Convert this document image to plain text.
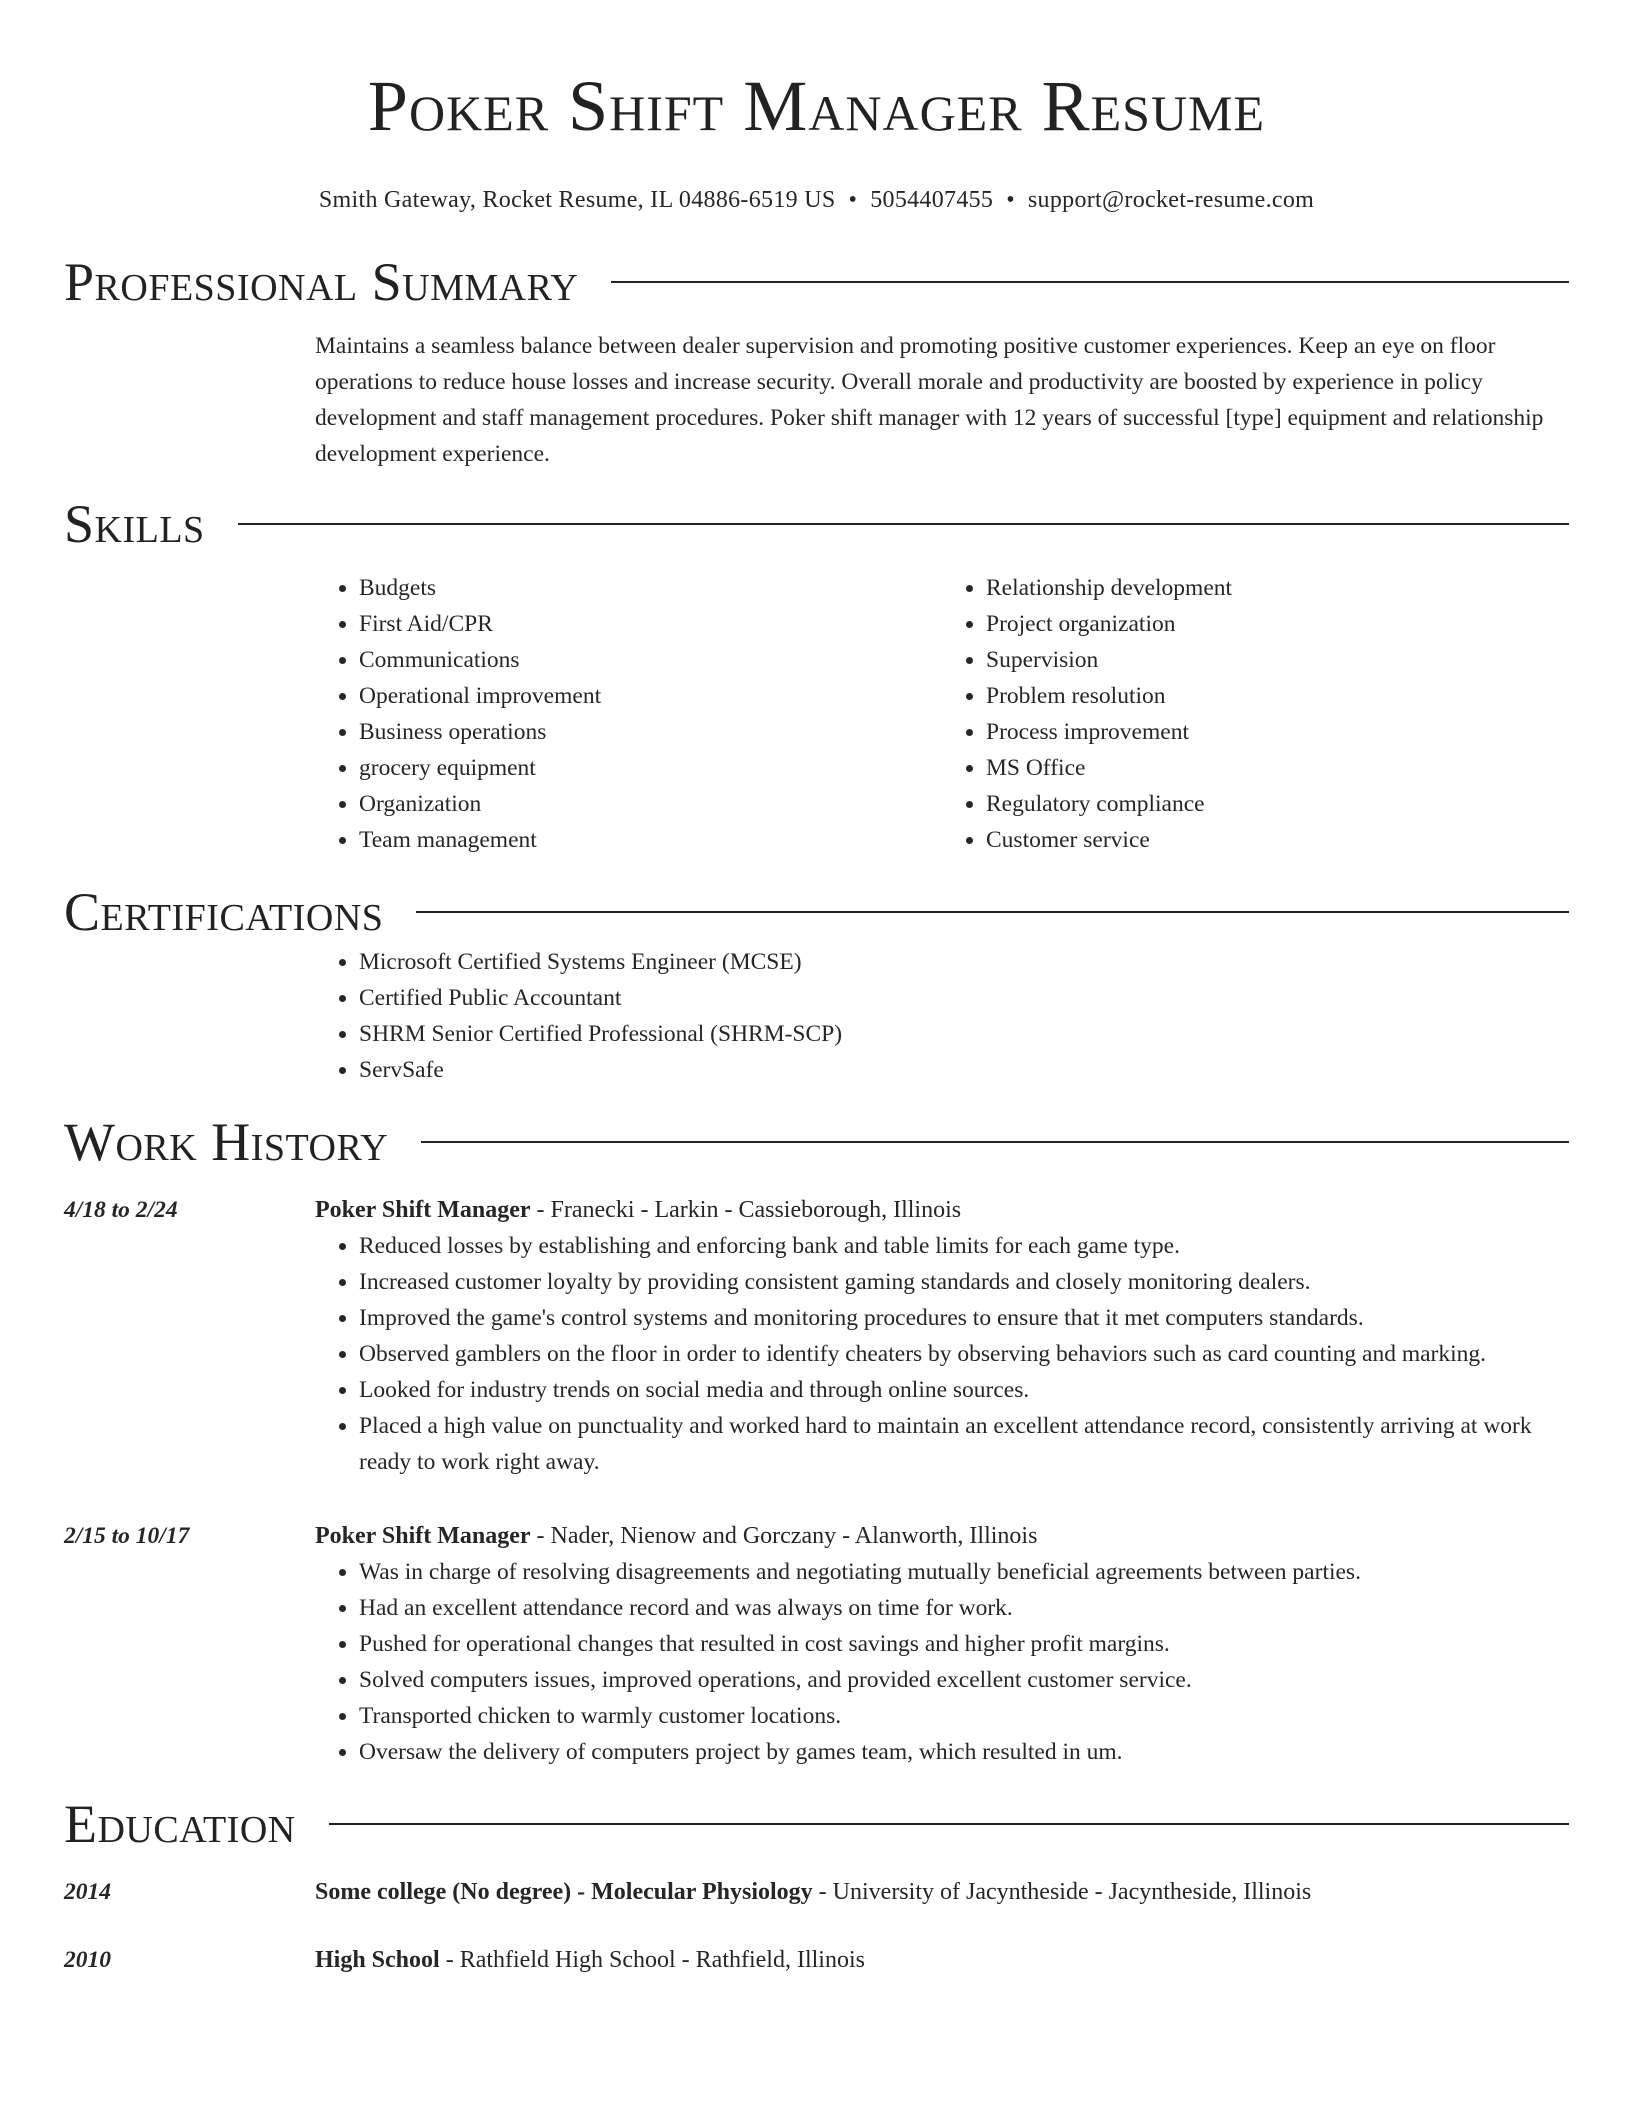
Poker Shift Manager Resume
Smith Gateway, Rocket Resume, IL 04886-6519 US • 5054407455 • support@rocket-resume.com
Professional Summary
Maintains a seamless balance between dealer supervision and promoting positive customer experiences. Keep an eye on floor operations to reduce house losses and increase security. Overall morale and productivity are boosted by experience in policy development and staff management procedures. Poker shift manager with 12 years of successful [type] equipment and relationship development experience.
Skills
• Budgets
• First Aid/CPR
• Communications
• Operational improvement
• Business operations
• grocery equipment
• Organization
• Team management
• Relationship development
• Project organization
• Supervision
• Problem resolution
• Process improvement
• MS Office
• Regulatory compliance
• Customer service
Certifications
• Microsoft Certified Systems Engineer (MCSE)
• Certified Public Accountant
• SHRM Senior Certified Professional (SHRM-SCP)
• ServSafe
Work History
4/18 to 2/24	Poker Shift Manager - Franecki - Larkin - Cassieborough, Illinois
• Reduced losses by establishing and enforcing bank and table limits for each game type.
• Increased customer loyalty by providing consistent gaming standards and closely monitoring dealers.
• Improved the game's control systems and monitoring procedures to ensure that it met computers standards.
• Observed gamblers on the floor in order to identify cheaters by observing behaviors such as card counting and marking.
• Looked for industry trends on social media and through online sources.
• Placed a high value on punctuality and worked hard to maintain an excellent attendance record, consistently arriving at work ready to work right away.
2/15 to 10/17	Poker Shift Manager - Nader, Nienow and Gorczany - Alanworth, Illinois
• Was in charge of resolving disagreements and negotiating mutually beneficial agreements between parties.
• Had an excellent attendance record and was always on time for work.
• Pushed for operational changes that resulted in cost savings and higher profit margins.
• Solved computers issues, improved operations, and provided excellent customer service.
• Transported chicken to warmly customer locations.
• Oversaw the delivery of computers project by games team, which resulted in um.
Education
2014	Some college (No degree) - Molecular Physiology - University of Jacyntheside - Jacyntheside, Illinois
2010	High School - Rathfield High School - Rathfield, Illinois
